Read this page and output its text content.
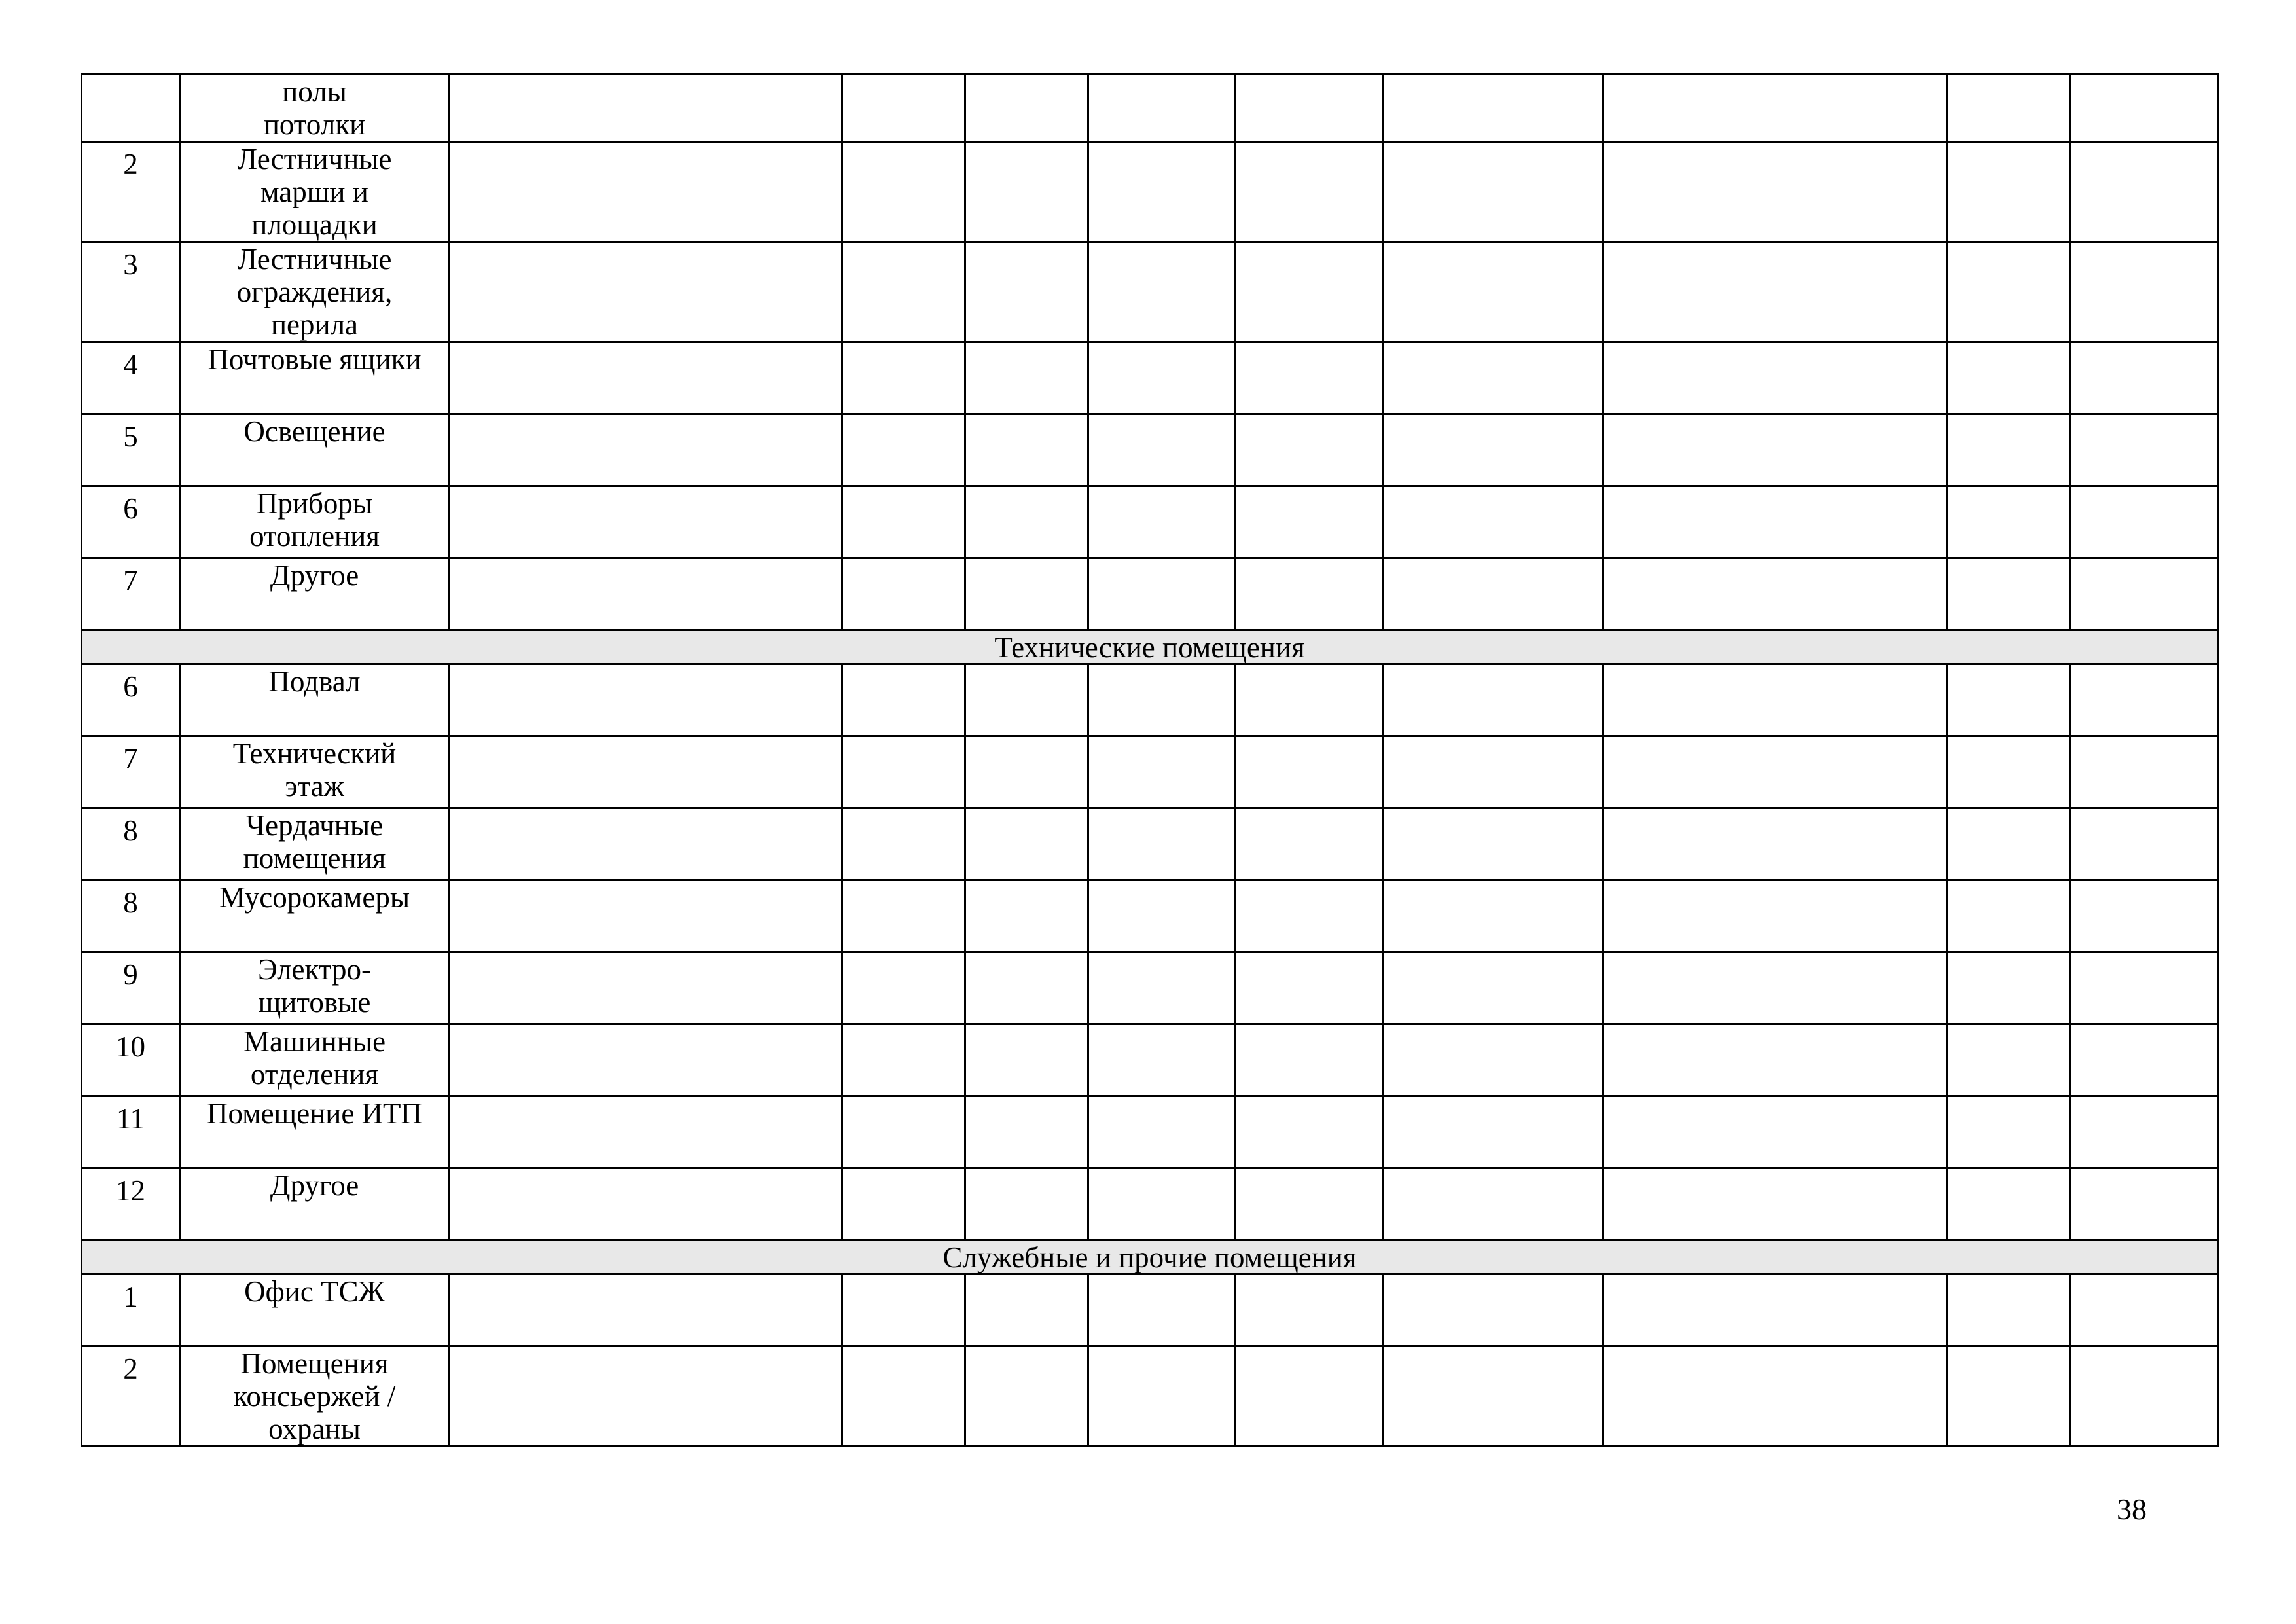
	полы
потолки									
2	Лестничные
марши и
площадки									
3	Лестничные
ограждения,
перила									
4	Почтовые ящики									
5	Освещение									
6	Приборы
отопления									
7	Другое									
Технические помещения										
6	Подвал									
7	Технический
этаж									
8	Чердачные
помещения									
8	Мусорокамеры									
9	Электро-
щитовые									
10	Машинные
отделения									
11	Помещение ИТП									
12	Другое									
Служебные и прочие помещения										
1	Офис ТСЖ									
2	Помещения
консьержей /
охраны									
38
